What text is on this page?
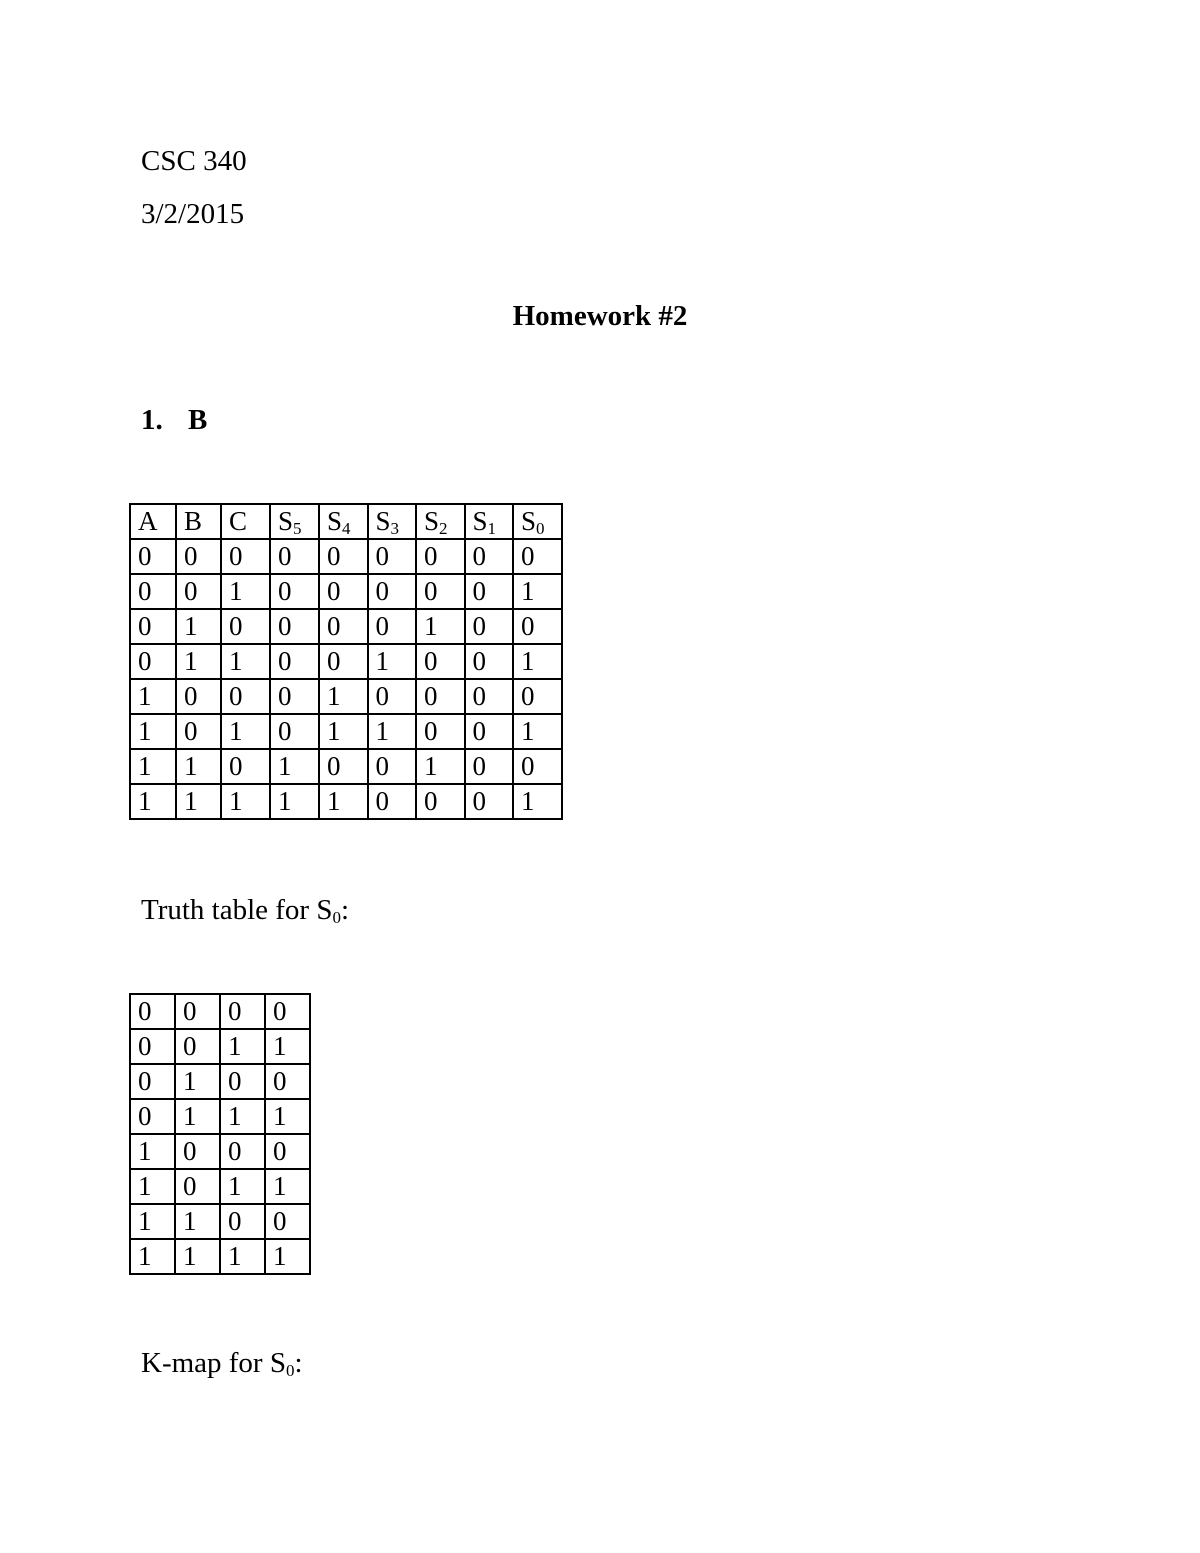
CSC 340
3/2/2015
Homework #2
1. B
A	B	C	$S_5$	$S_4$	$S_3$	$S_2$	$S_1$	$S_0$
0	0	0	0	0	0	0	0	0
0	0	1	0	0	0	0	0	1
0	1	0	0	0	0	1	0	0
0	1	1	0	0	1	0	0	1
1	0	0	0	1	0	0	0	0
1	0	1	0	1	1	0	0	1
1	1	0	1	0	0	1	0	0
1	1	1	1	1	0	0	0	1
Truth table for $S_0$:
0	0	0	0
0	0	1	1
0	1	0	0
0	1	1	1
1	0	0	0
1	0	1	1
1	1	0	0
1	1	1	1
K-map for $S_0$:
